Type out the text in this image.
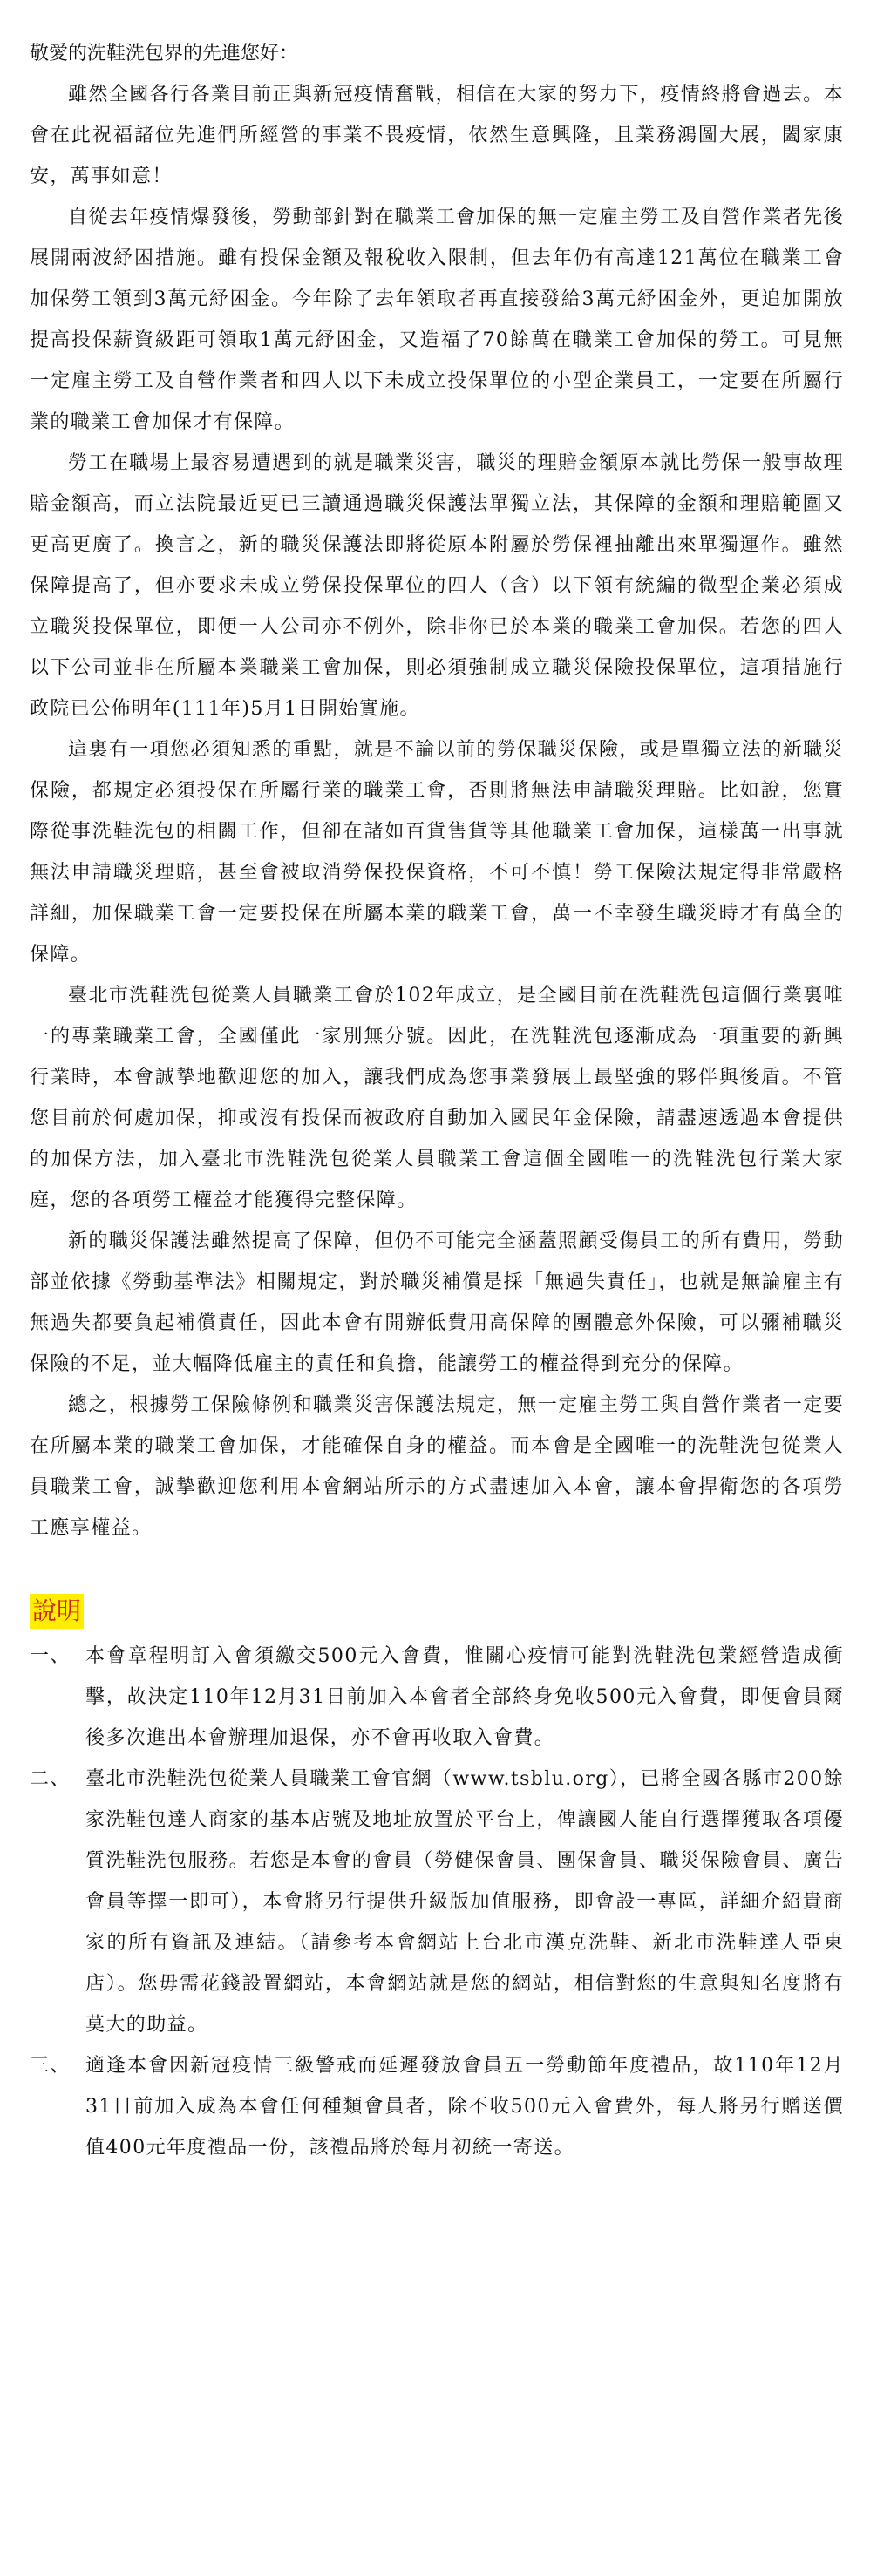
敬愛的洗鞋洗包界的先進您好：

雖然全國各行各業目前正與新冠疫情奮戰，相信在大家的努力下，疫情終將會過去。本會在此祝福諸位先進們所經營的事業不畏疫情，依然生意興隆，且業務鴻圖大展，闔家康安，萬事如意！

自從去年疫情爆發後，勞動部針對在職業工會加保的無一定雇主勞工及自營作業者先後展開兩波紓困措施。雖有投保金額及報稅收入限制，但去年仍有高達121萬位在職業工會加保勞工領到3萬元紓困金。今年除了去年領取者再直接發給3萬元紓困金外，更追加開放提高投保薪資級距可領取1萬元紓困金，又造福了70餘萬在職業工會加保的勞工。可見無一定雇主勞工及自營作業者和四人以下未成立投保單位的小型企業員工，一定要在所屬行業的職業工會加保才有保障。

勞工在職場上最容易遭遇到的就是職業災害，職災的理賠金額原本就比勞保一般事故理賠金額高，而立法院最近更已三讀通過職災保護法單獨立法，其保障的金額和理賠範圍又更高更廣了。換言之，新的職災保護法即將從原本附屬於勞保裡抽離出來單獨運作。雖然保障提高了，但亦要求未成立勞保投保單位的四人（含）以下領有統編的微型企業必須成立職災投保單位，即便一人公司亦不例外，除非你已於本業的職業工會加保。若您的四人以下公司並非在所屬本業職業工會加保，則必須強制成立職災保險投保單位，這項措施行政院已公佈明年(111年)5月1日開始實施。

這裏有一項您必須知悉的重點，就是不論以前的勞保職災保險，或是單獨立法的新職災保險，都規定必須投保在所屬行業的職業工會，否則將無法申請職災理賠。比如說，您實際從事洗鞋洗包的相關工作，但卻在諸如百貨售貨等其他職業工會加保，這樣萬一出事就無法申請職災理賠，甚至會被取消勞保投保資格，不可不慎！勞工保險法規定得非常嚴格詳細，加保職業工會一定要投保在所屬本業的職業工會，萬一不幸發生職災時才有萬全的保障。

臺北市洗鞋洗包從業人員職業工會於102年成立，是全國目前在洗鞋洗包這個行業裏唯一的專業職業工會，全國僅此一家別無分號。因此，在洗鞋洗包逐漸成為一項重要的新興行業時，本會誠摯地歡迎您的加入，讓我們成為您事業發展上最堅強的夥伴與後盾。不管您目前於何處加保，抑或沒有投保而被政府自動加入國民年金保險，請盡速透過本會提供的加保方法，加入臺北市洗鞋洗包從業人員職業工會這個全國唯一的洗鞋洗包行業大家庭，您的各項勞工權益才能獲得完整保障。

新的職災保護法雖然提高了保障，但仍不可能完全涵蓋照顧受傷員工的所有費用，勞動部並依據《勞動基準法》相關規定，對於職災補償是採「無過失責任」，也就是無論雇主有無過失都要負起補償責任，因此本會有開辦低費用高保障的團體意外保險，可以彌補職災保險的不足，並大幅降低雇主的責任和負擔，能讓勞工的權益得到充分的保障。

總之，根據勞工保險條例和職業災害保護法規定，無一定雇主勞工與自營作業者一定要在所屬本業的職業工會加保，才能確保自身的權益。而本會是全國唯一的洗鞋洗包從業人員職業工會，誠摯歡迎您利用本會網站所示的方式盡速加入本會，讓本會捍衛您的各項勞工應享權益。

說明
一、 本會章程明訂入會須繳交500元入會費，惟關心疫情可能對洗鞋洗包業經營造成衝擊，故決定110年12月31日前加入本會者全部終身免收500元入會費，即便會員爾後多次進出本會辦理加退保，亦不會再收取入會費。
二、 臺北市洗鞋洗包從業人員職業工會官網（www.tsblu.org），已將全國各縣市200餘家洗鞋包達人商家的基本店號及地址放置於平台上，俾讓國人能自行選擇獲取各項優質洗鞋洗包服務。若您是本會的會員（勞健保會員、團保會員、職災保險會員、廣告會員等擇一即可），本會將另行提供升級版加值服務，即會設一專區，詳細介紹貴商家的所有資訊及連結。（請參考本會網站上台北市漢克洗鞋、新北市洗鞋達人亞東店）。您毋需花錢設置網站，本會網站就是您的網站，相信對您的生意與知名度將有莫大的助益。
三、 適逢本會因新冠疫情三級警戒而延遲發放會員五一勞動節年度禮品，故110年12月31日前加入成為本會任何種類會員者，除不收500元入會費外，每人將另行贈送價值400元年度禮品一份，該禮品將於每月初統一寄送。
